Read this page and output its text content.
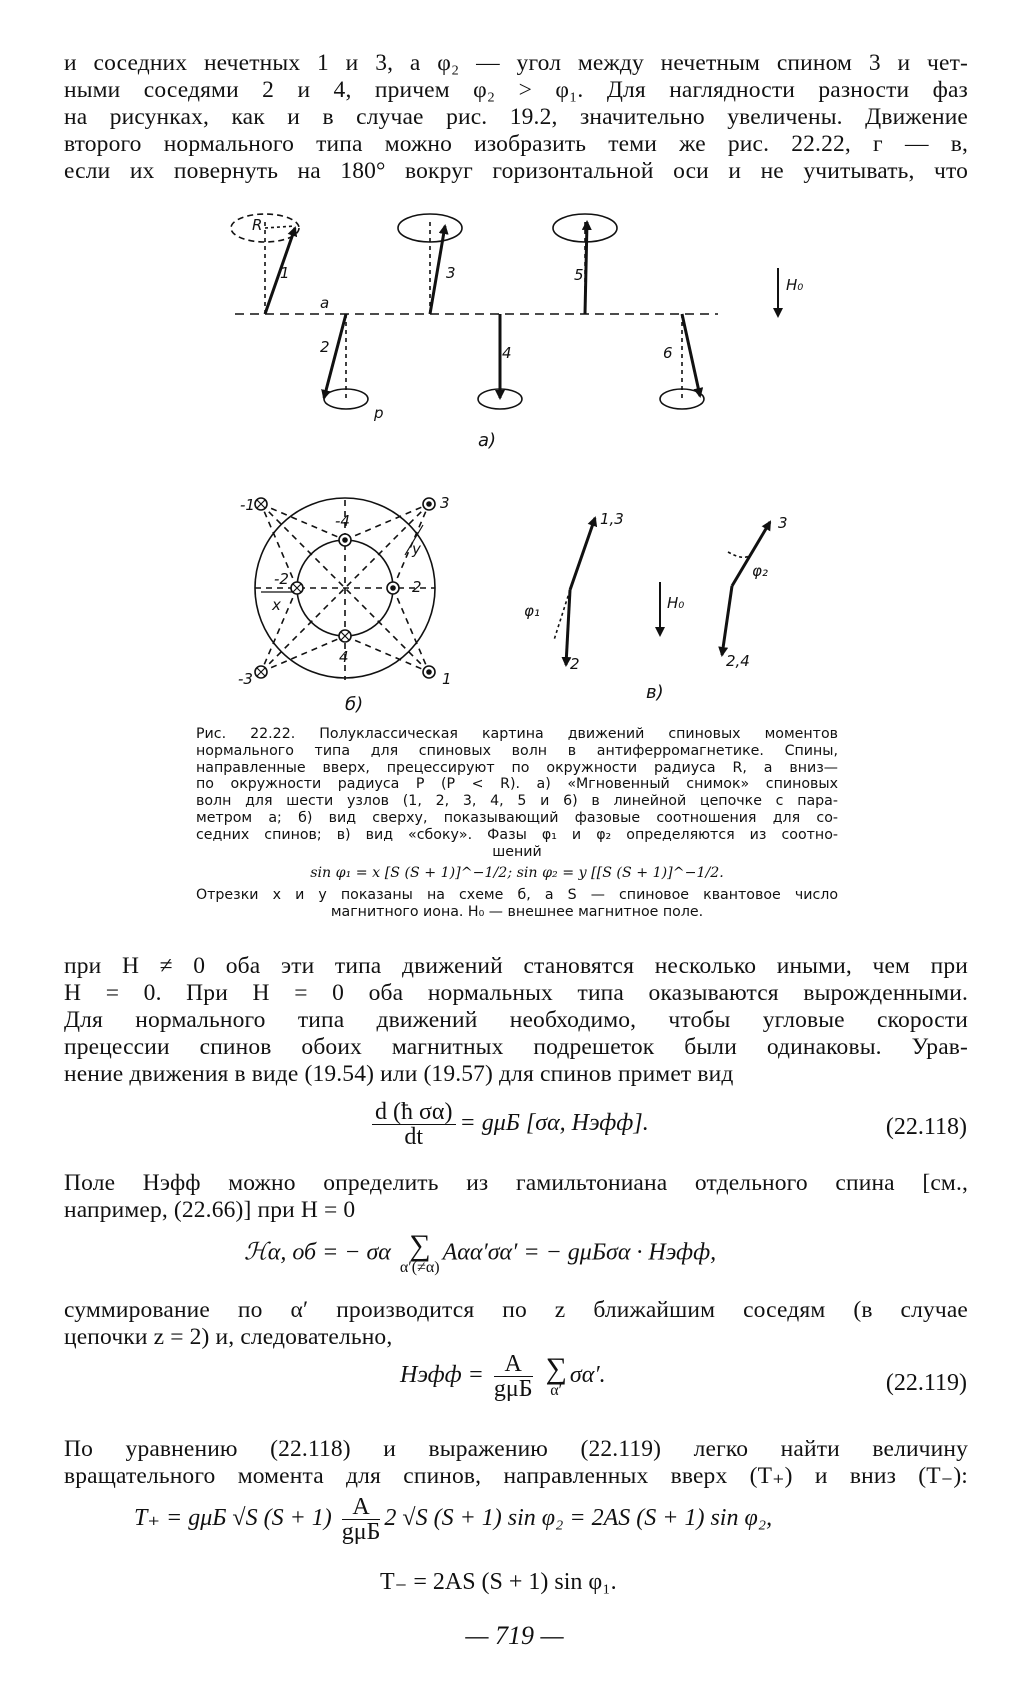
и соседних нечетных 1 и 3, а φ₂ — угол между нечетным спином 3 и чет-
ными соседями 2 и 4, причем φ₂ > φ₁. Для наглядности разности фаз
на рисунках, как и в случае рис. 19.2, значительно увеличены. Движение
второго нормального типа можно изобразить теми же рис. 22.22, г — в,
если их повернуть на 180° вокруг горизонтальной оси и не учитывать, что
R
1
a
2
p
3
4
5
6
H₀
а)
-1	3
-3	1
-4
2
4
-2
x
y
б)
1,3
φ₁
2
H₀
3
φ₂
2,4
в)
Рис. 22.22. Полуклассическая картина движений спиновых моментов
нормального типа для спиновых волн в антиферромагнетике. Спины,
направленные вверх, прецессируют по окружности радиуса R, а вниз—
по окружности радиуса P (P < R). а) «Мгновенный снимок» спиновых
волн для шести узлов (1, 2, 3, 4, 5 и 6) в линейной цепочке с пара-
метром a; б) вид сверху, показывающий фазовые соотношения для со-
седних спинов; в) вид «сбоку». Фазы φ₁ и φ₂ определяются из соотно-
шений
sin φ₁ = x [S (S + 1)]^−1/2; sin φ₂ = y [[S (S + 1)]^−1/2.
Отрезки x и y показаны на схеме б, а S — спиновое квантовое число
магнитного иона. H₀ — внешнее магнитное поле.
при H ≠ 0 оба эти типа движений становятся несколько иными, чем при
H = 0. При H = 0 оба нормальных типа оказываются вырожденными.
Для нормального типа движений необходимо, чтобы угловые скорости
прецессии спинов обоих магнитных подрешеток были одинаковы. Урав-
нение движения в виде (19.54) или (19.57) для спинов примет вид
$\frac{\text{d (ħ σα)}}{dt} = g\mu Б$ [σα, Hэфф].	(22.118)
Поле Hэфф можно определить из гамильтониана отдельного спина [см.,
например, (22.66)] при H = 0
ℋα, об = − σα ∑
α′(≠α)
Aαα′σα′ = − gμБσα · Hэфф,
суммирование по α′ производится по z ближайшим соседям (в случае
цепочки z = 2) и, следовательно,
Hэфф = $\frac{A}{\text{gμБ}}$
∑
α′
σα′.	(22.119)
По уравнению (22.118) и выражению (22.119) легко найти величину
вращательного момента для спинов, направленных вверх (T₊) и вниз (T₋):
T₊ = gμБ √S $(S + 1) \frac{A}{\text{gμБ}} 2$ √S (S + 1) sin φ₂ = 2AS (S + 1) sin φ₂,
T₋ = 2AS (S + 1) sin φ₁.
— 719 —
